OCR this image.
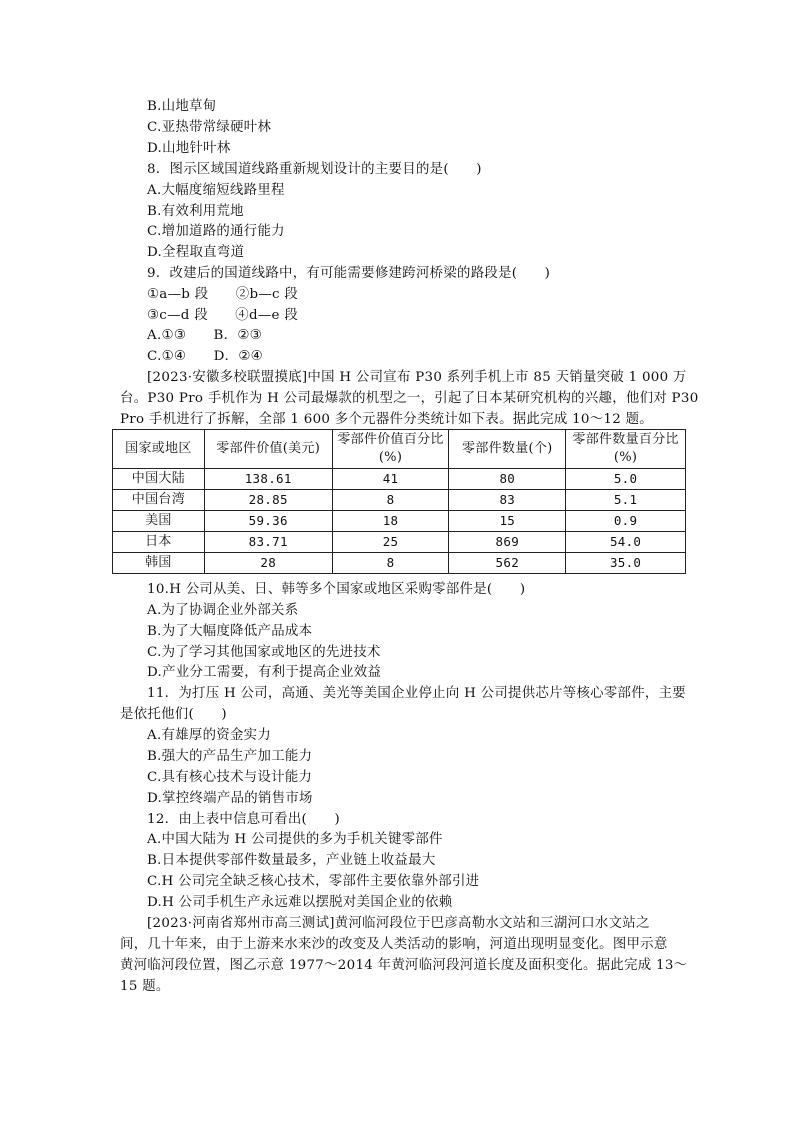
B.山地草甸
C.亚热带常绿硬叶林
D.山地针叶林
8．图示区域国道线路重新规划设计的主要目的是(　　)
A.大幅度缩短线路里程
B.有效利用荒地
C.增加道路的通行能力
D.全程取直弯道
9．改建后的国道线路中，有可能需要修建跨河桥梁的路段是(　　)
①a—b 段　　②b—c 段
③c—d 段　　④d—e 段
A.①③　　B．②③
C.①④　　D．②④
[2023·安徽多校联盟摸底]中国 H 公司宣布 P30 系列手机上市 85 天销量突破 1 000 万
台。P30 Pro 手机作为 H 公司最爆款的机型之一，引起了日本某研究机构的兴趣，他们对 P30
Pro 手机进行了拆解，全部 1 600 多个元器件分类统计如下表。据此完成 10～12 题。
国家或地区	零部件价值(美元)	零部件价值百分比(%)	零部件数量(个)	零部件数量百分比(%)
中国大陆	138.61	41	80	5.0
中国台湾	28.85	8	83	5.1
美国	59.36	18	15	0.9
日本	83.71	25	869	54.0
韩国	28	8	562	35.0
10.H 公司从美、日、韩等多个国家或地区采购零部件是(　　)
A.为了协调企业外部关系
B.为了大幅度降低产品成本
C.为了学习其他国家或地区的先进技术
D.产业分工需要，有利于提高企业效益
11．为打压 H 公司，高通、美光等美国企业停止向 H 公司提供芯片等核心零部件，主要
是依托他们(　　)
A.有雄厚的资金实力
B.强大的产品生产加工能力
C.具有核心技术与设计能力
D.掌控终端产品的销售市场
12．由上表中信息可看出(　　)
A.中国大陆为 H 公司提供的多为手机关键零部件
B.日本提供零部件数量最多，产业链上收益最大
C.H 公司完全缺乏核心技术，零部件主要依靠外部引进
D.H 公司手机生产永远难以摆脱对美国企业的依赖
[2023·河南省郑州市高三测试]黄河临河段位于巴彦高勒水文站和三湖河口水文站之
间，几十年来，由于上游来水来沙的改变及人类活动的影响，河道出现明显变化。图甲示意
黄河临河段位置，图乙示意 1977～2014 年黄河临河段河道长度及面积变化。据此完成 13～
15 题。
